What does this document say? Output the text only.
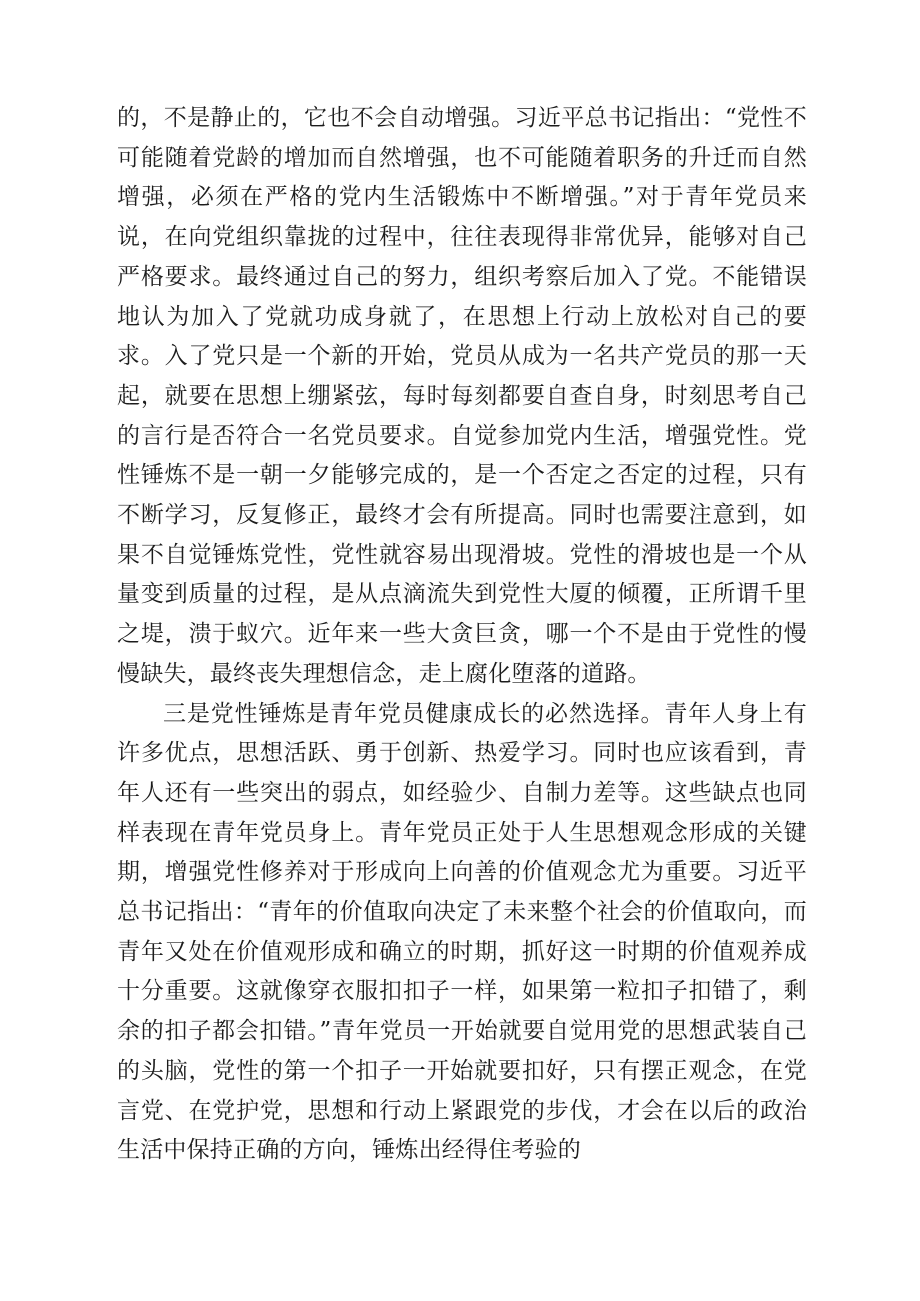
的，不是静止的，它也不会自动增强。习近平总书记指出：“党性不可能随着党龄的增加而自然增强，也不可能随着职务的升迁而自然增强，必须在严格的党内生活锻炼中不断增强。”对于青年党员来说，在向党组织靠拢的过程中，往往表现得非常优异，能够对自己严格要求。最终通过自己的努力，组织考察后加入了党。不能错误地认为加入了党就功成身就了，在思想上行动上放松对自己的要求。入了党只是一个新的开始，党员从成为一名共产党员的那一天起，就要在思想上绷紧弦，每时每刻都要自查自身，时刻思考自己的言行是否符合一名党员要求。自觉参加党内生活，增强党性。党性锤炼不是一朝一夕能够完成的，是一个否定之否定的过程，只有不断学习，反复修正，最终才会有所提高。同时也需要注意到，如果不自觉锤炼党性，党性就容易出现滑坡。党性的滑坡也是一个从量变到质量的过程，是从点滴流失到党性大厦的倾覆，正所谓千里之堤，溃于蚁穴。近年来一些大贪巨贪，哪一个不是由于党性的慢慢缺失，最终丧失理想信念，走上腐化堕落的道路。

三是党性锤炼是青年党员健康成长的必然选择。青年人身上有许多优点，思想活跃、勇于创新、热爱学习。同时也应该看到，青年人还有一些突出的弱点，如经验少、自制力差等。这些缺点也同样表现在青年党员身上。青年党员正处于人生思想观念形成的关键期，增强党性修养对于形成向上向善的价值观念尤为重要。习近平总书记指出：“青年的价值取向决定了未来整个社会的价值取向，而青年又处在价值观形成和确立的时期，抓好这一时期的价值观养成十分重要。这就像穿衣服扣扣子一样，如果第一粒扣子扣错了，剩余的扣子都会扣错。”青年党员一开始就要自觉用党的思想武装自己的头脑，党性的第一个扣子一开始就要扣好，只有摆正观念，在党言党、在党护党，思想和行动上紧跟党的步伐，才会在以后的政治生活中保持正确的方向，锤炼出经得住考验的
